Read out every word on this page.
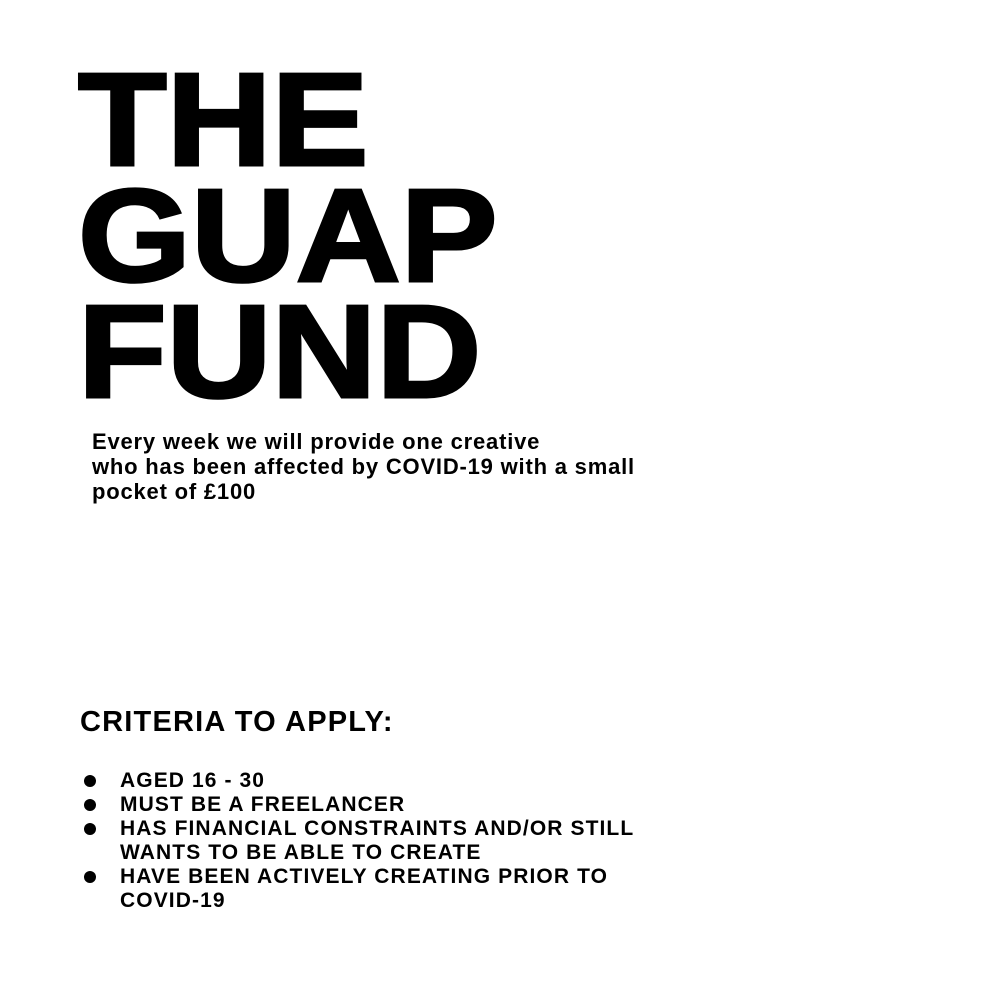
THE
GUAP
FUND

Every week we will provide one creative
who has been affected by COVID-19 with a small
pocket of £100

CRITERIA TO APPLY:
AGED 16 - 30
MUST BE A FREELANCER
HAS FINANCIAL CONSTRAINTS AND/OR STILL
WANTS TO BE ABLE TO CREATE
HAVE BEEN ACTIVELY CREATING PRIOR TO
COVID-19
